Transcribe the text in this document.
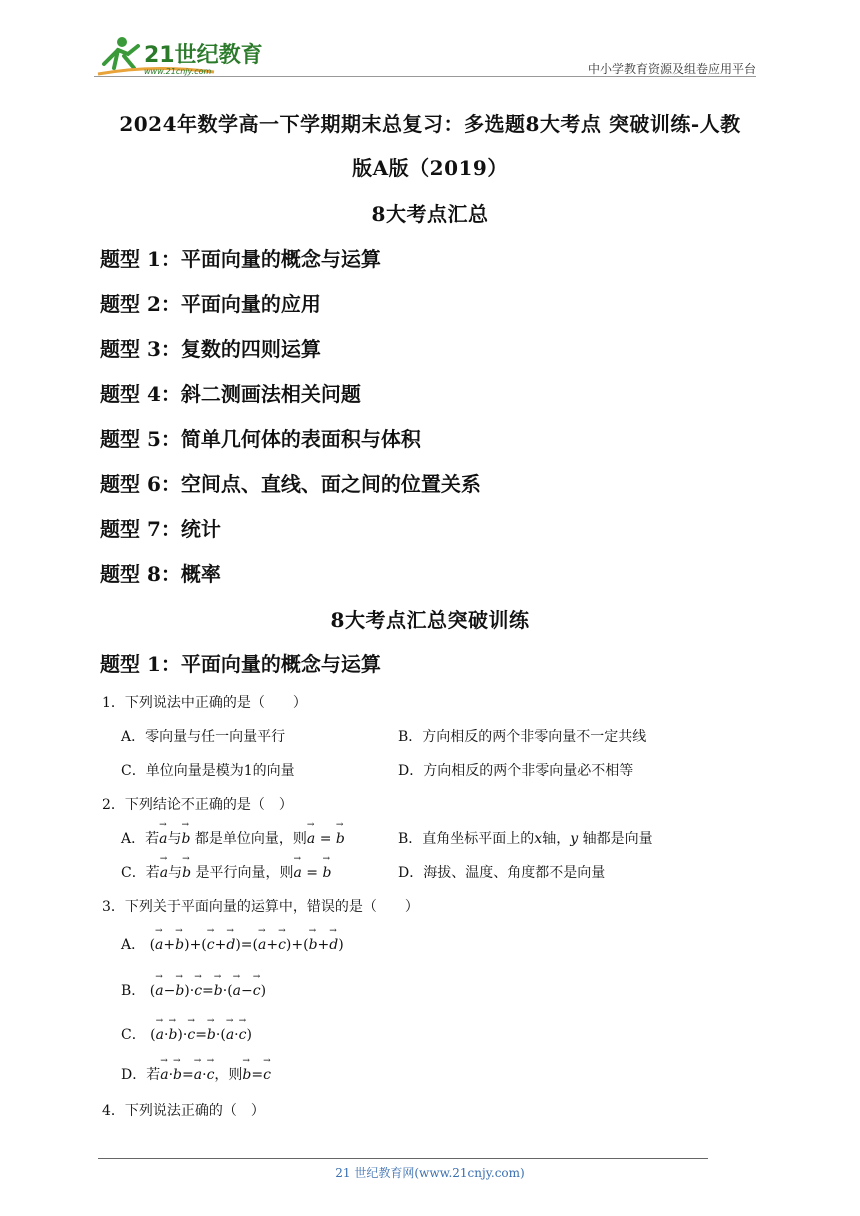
21世纪教育
www.21cnjy.com	中小学教育资源及组卷应用平台
2024年数学高一下学期期末总复习：多选题8大考点 突破训练-人教
版A版（2019）
8大考点汇总
题型 1：平面向量的概念与运算
题型 2：平面向量的应用
题型 3：复数的四则运算
题型 4：斜二测画法相关问题
题型 5：简单几何体的表面积与体积
题型 6：空间点、直线、面之间的位置关系
题型 7：统计
题型 8：概率
8大考点汇总突破训练
题型 1：平面向量的概念与运算
1．下列说法中正确的是（　　）
A．零向量与任一向量平行	B．方向相反的两个非零向量不一定共线
C．单位向量是模为1的向量	D．方向相反的两个非零向量必不相等
2．下列结论不正确的是（　）
A．若→ a与→ b 都是单位向量，则→ a = → b	B．直角坐标平面上的x轴，y 轴都是向量
C．若→ a与→ b 是平行向量，则→ a = → b	D．海拔、温度、角度都不是向量
3．下列关于平面向量的运算中，错误的是（　　）
A． (→ a+→ b)+(→ c+→ d)=(→ a+→ c)+(→ b+→ d)
B． (→ a−→ b)·→ c=→ b·(→ a−→ c)
C． (→ a·→ b)·→ c=→ b·(→ a·→ c)
D．若→ a·→ b=→ a·→ c，则→ b=→ c
4．下列说法正确的（　）
21 世纪教育网(www.21cnjy.com)
